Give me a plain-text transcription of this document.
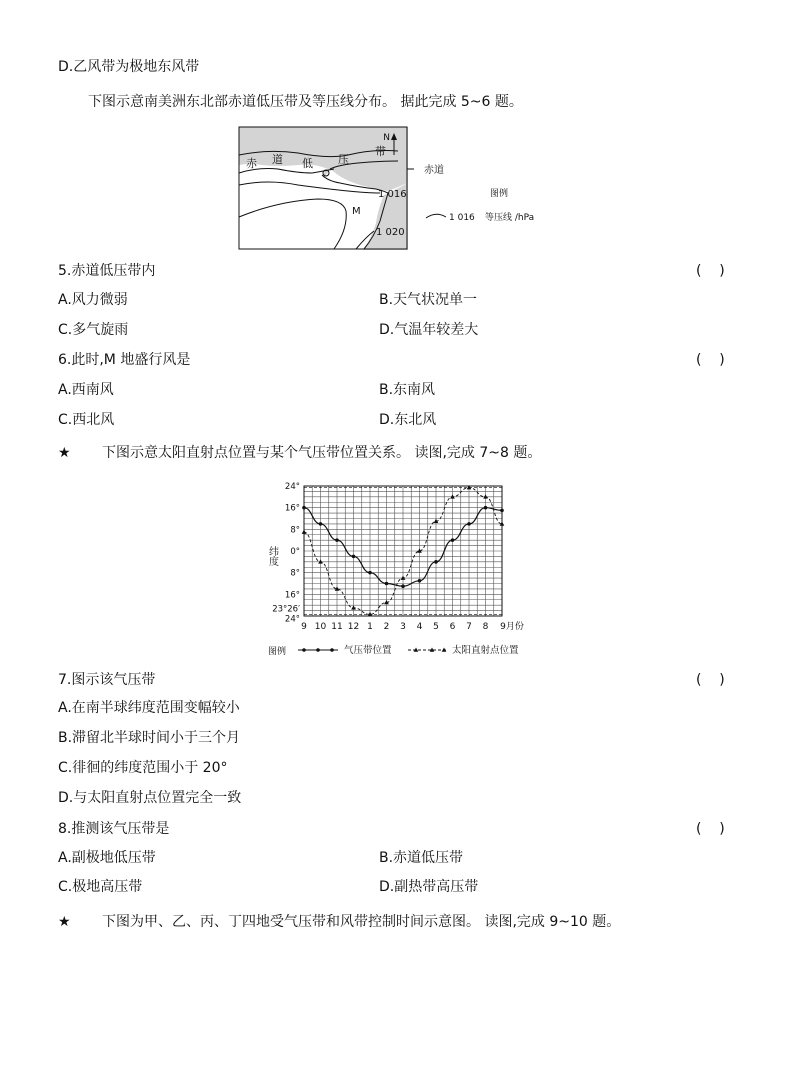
D.乙风带为极地东风带
下图示意南美洲东北部赤道低压带及等压线分布。 据此完成 5~6 题。
N
赤 道 低 压
带
赤道
1 016
M
1 020
图例
1 016 等压线 /hPa
5.赤道低压带内	(    )
A.风力微弱	B.天气状况单一
C.多气旋雨	D.气温年较差大
6.此时,M 地盛行风是	(    )
A.西南风	B.东南风
C.西北风	D.东北风
★ 下图示意太阳直射点位置与某个气压带位置关系。 读图,完成 7~8 题。
24°
16°
8°
0°
8°
16°
23°26′
24°
9 10 11 12 1 2 3 4 5 6 7 8 9月份
纬度
图例	气压带位置	太阳直射点位置
7.图示该气压带	(    )
A.在南半球纬度范围变幅较小
B.滞留北半球时间小于三个月
C.徘徊的纬度范围小于 20°
D.与太阳直射点位置完全一致
8.推测该气压带是	(    )
A.副极地低压带	B.赤道低压带
C.极地高压带	D.副热带高压带
★ 下图为甲、乙、丙、丁四地受气压带和风带控制时间示意图。 读图,完成 9~10 题。
